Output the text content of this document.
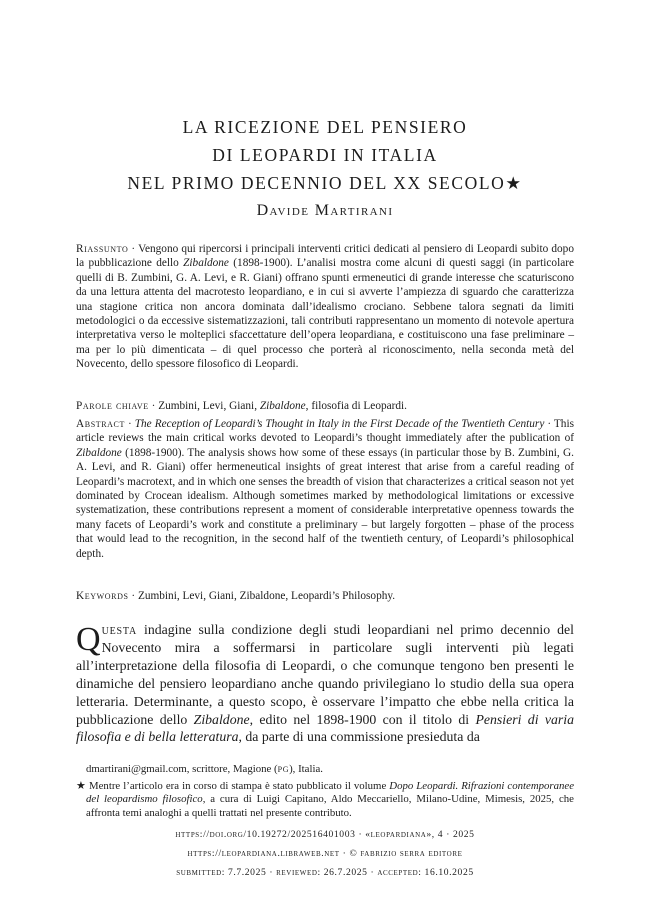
LA RICEZIONE DEL PENSIERO
DI LEOPARDI IN ITALIA
NEL PRIMO DECENNIO DEL XX SECOLO★
Davide Martirani
Riassunto · Vengono qui ripercorsi i principali interventi critici dedicati al pensiero di Leopardi subito dopo la pubblicazione dello Zibaldone (1898-1900). L’analisi mostra come alcuni di questi saggi (in particolare quelli di B. Zumbini, G. A. Levi, e R. Giani) offrano spunti ermeneutici di grande interesse che scaturiscono da una lettura attenta del macrotesto leopardiano, e in cui si avverte l’ampiezza di sguardo che caratterizza una stagione critica non ancora dominata dall’idealismo crociano. Sebbene talora segnati da limiti metodologici o da eccessive sistematizzazioni, tali contributi rappresentano un momento di notevole apertura interpretativa verso le molteplici sfaccettature dell’opera leopardiana, e costituiscono una fase preliminare – ma per lo più dimenticata – di quel processo che porterà al riconoscimento, nella seconda metà del Novecento, dello spessore filosofico di Leopardi.
Parole chiave · Zumbini, Levi, Giani, Zibaldone, filosofia di Leopardi.
Abstract · The Reception of Leopardi’s Thought in Italy in the First Decade of the Twentieth Century · This article reviews the main critical works devoted to Leopardi’s thought immediately after the publication of Zibaldone (1898-1900). The analysis shows how some of these essays (in particular those by B. Zumbini, G. A. Levi, and R. Giani) offer hermeneutical insights of great interest that arise from a careful reading of Leopardi’s macrotext, and in which one senses the breadth of vision that characterizes a critical season not yet dominated by Crocean idealism. Although sometimes marked by methodological limitations or excessive systematization, these contributions represent a moment of considerable interpretative openness towards the many facets of Leopardi’s work and constitute a preliminary – but largely forgotten – phase of the process that would lead to the recognition, in the second half of the twentieth century, of Leopardi’s philosophical depth.
Keywords · Zumbini, Levi, Giani, Zibaldone, Leopardi’s Philosophy.
Questa indagine sulla condizione degli studi leopardiani nel primo decennio del Novecento mira a soffermarsi in particolare sugli interventi più legati all’interpretazione della filosofia di Leopardi, o che comunque tengono ben presenti le dinamiche del pensiero leopardiano anche quando privilegiano lo studio della sua opera letteraria. Determinante, a questo scopo, è osservare l’impatto che ebbe nella critica la pubblicazione dello Zibaldone, edito nel 1898-1900 con il titolo di Pensieri di varia filosofia e di bella letteratura, da parte di una commissione presieduta da
dmartirani@gmail.com, scrittore, Magione (pg), Italia.
★ Mentre l’articolo era in corso di stampa è stato pubblicato il volume Dopo Leopardi. Rifrazioni contemporanee del leopardismo filosofico, a cura di Luigi Capitano, Aldo Meccariello, Milano-Udine, Mimesis, 2025, che affronta temi analoghi a quelli trattati nel presente contributo.
https://doi.org/10.19272/202516401003 · «leopardiana», 4 · 2025
https://leopardiana.libraweb.net · © fabrizio serra editore
submitted: 7.7.2025 · reviewed: 26.7.2025 · accepted: 16.10.2025
